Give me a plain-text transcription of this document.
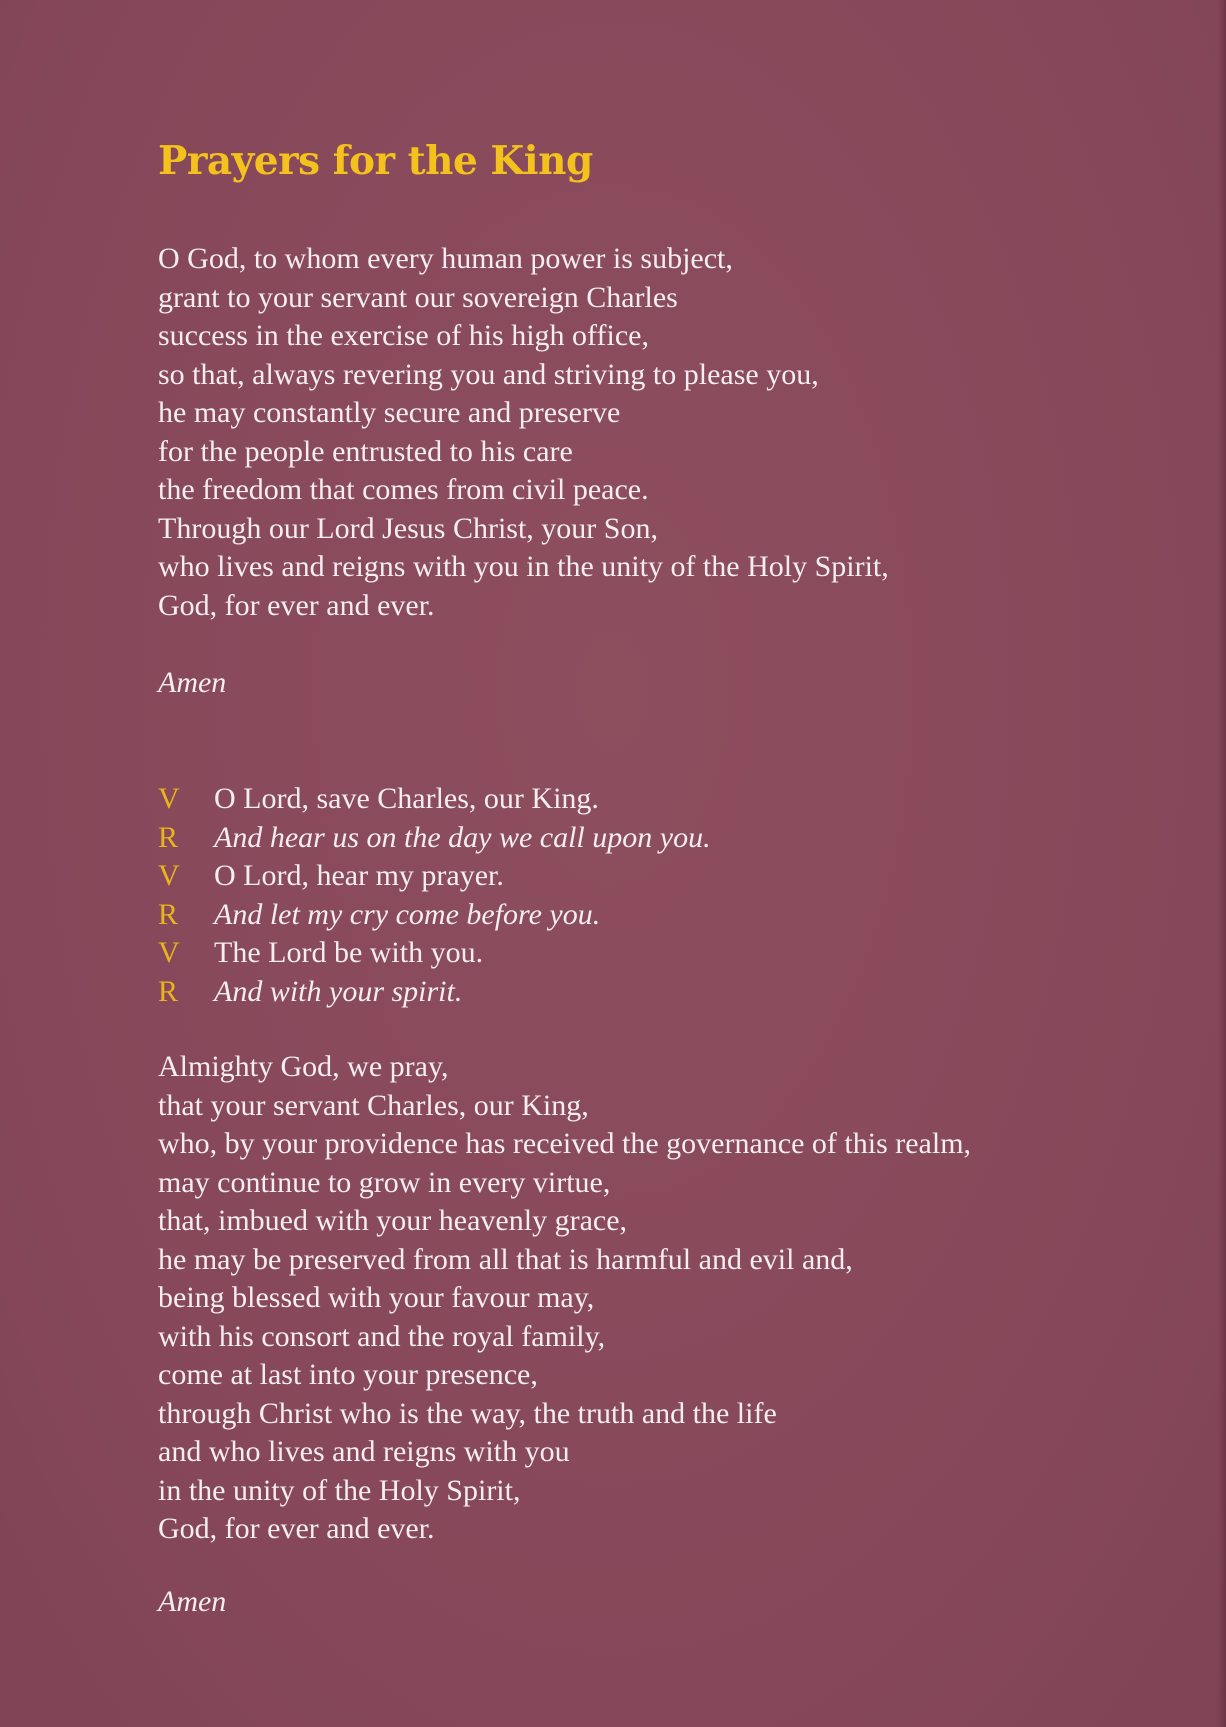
Prayers for the King
O God, to whom every human power is subject,
grant to your servant our sovereign Charles
success in the exercise of his high office,
so that, always revering you and striving to please you,
he may constantly secure and preserve
for the people entrusted to his care
the freedom that comes from civil peace.
Through our Lord Jesus Christ, your Son,
who lives and reigns with you in the unity of the Holy Spirit,
God, for ever and ever.
Amen
V O Lord, save Charles, our King.
R And hear us on the day we call upon you.
V O Lord, hear my prayer.
R And let my cry come before you.
V The Lord be with you.
R And with your spirit.
Almighty God, we pray,
that your servant Charles, our King,
who, by your providence has received the governance of this realm,
may continue to grow in every virtue,
that, imbued with your heavenly grace,
he may be preserved from all that is harmful and evil and,
being blessed with your favour may,
with his consort and the royal family,
come at last into your presence,
through Christ who is the way, the truth and the life
and who lives and reigns with you
in the unity of the Holy Spirit,
God, for ever and ever.
Amen
